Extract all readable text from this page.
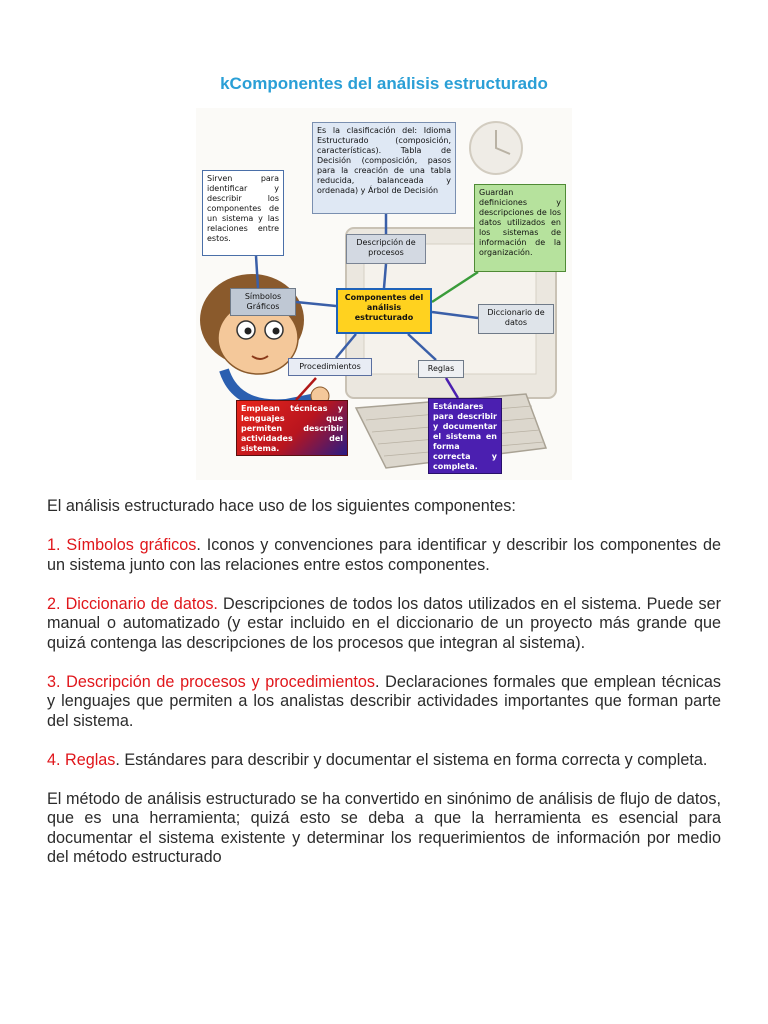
kComponentes del análisis estructurado
Es la clasificación del: Idioma Estructurado (composición, características). Tabla de Decisión (composición, pasos para la creación de una tabla reducida, balanceada y ordenada) y Árbol de Decisión
Sirven para identificar y describir los componentes de un sistema y las relaciones entre estos.
Guardan definiciones y descripciones de los datos utilizados en los sistemas de información de la organización.
Descripción de procesos
Símbolos Gráficos
Componentes del análisis estructurado
Diccionario de datos
Procedimientos	Reglas
Emplean técnicas y lenguajes que permiten describir actividades del sistema.
Estándares para describir y documentar el sistema en forma correcta y completa.

El análisis estructurado hace uso de los siguientes componentes:

1. Símbolos gráficos. Iconos y convenciones para identificar y describir los componentes de un sistema junto con las relaciones entre estos componentes.

2. Diccionario de datos. Descripciones de todos los datos utilizados en el sistema. Puede ser manual o automatizado (y estar incluido en el diccionario de un proyecto más grande que quizá contenga las descripciones de los procesos que integran al sistema).

3. Descripción de procesos y procedimientos. Declaraciones formales que emplean técnicas y lenguajes que permiten a los analistas describir actividades importantes que forman parte del sistema.

4. Reglas. Estándares para describir y documentar el sistema en forma correcta y completa.

El método de análisis estructurado se ha convertido en sinónimo de análisis de flujo de datos, que es una herramienta; quizá esto se deba a que la herramienta es esencial para documentar el sistema existente y determinar los requerimientos de información por medio del método estructurado
